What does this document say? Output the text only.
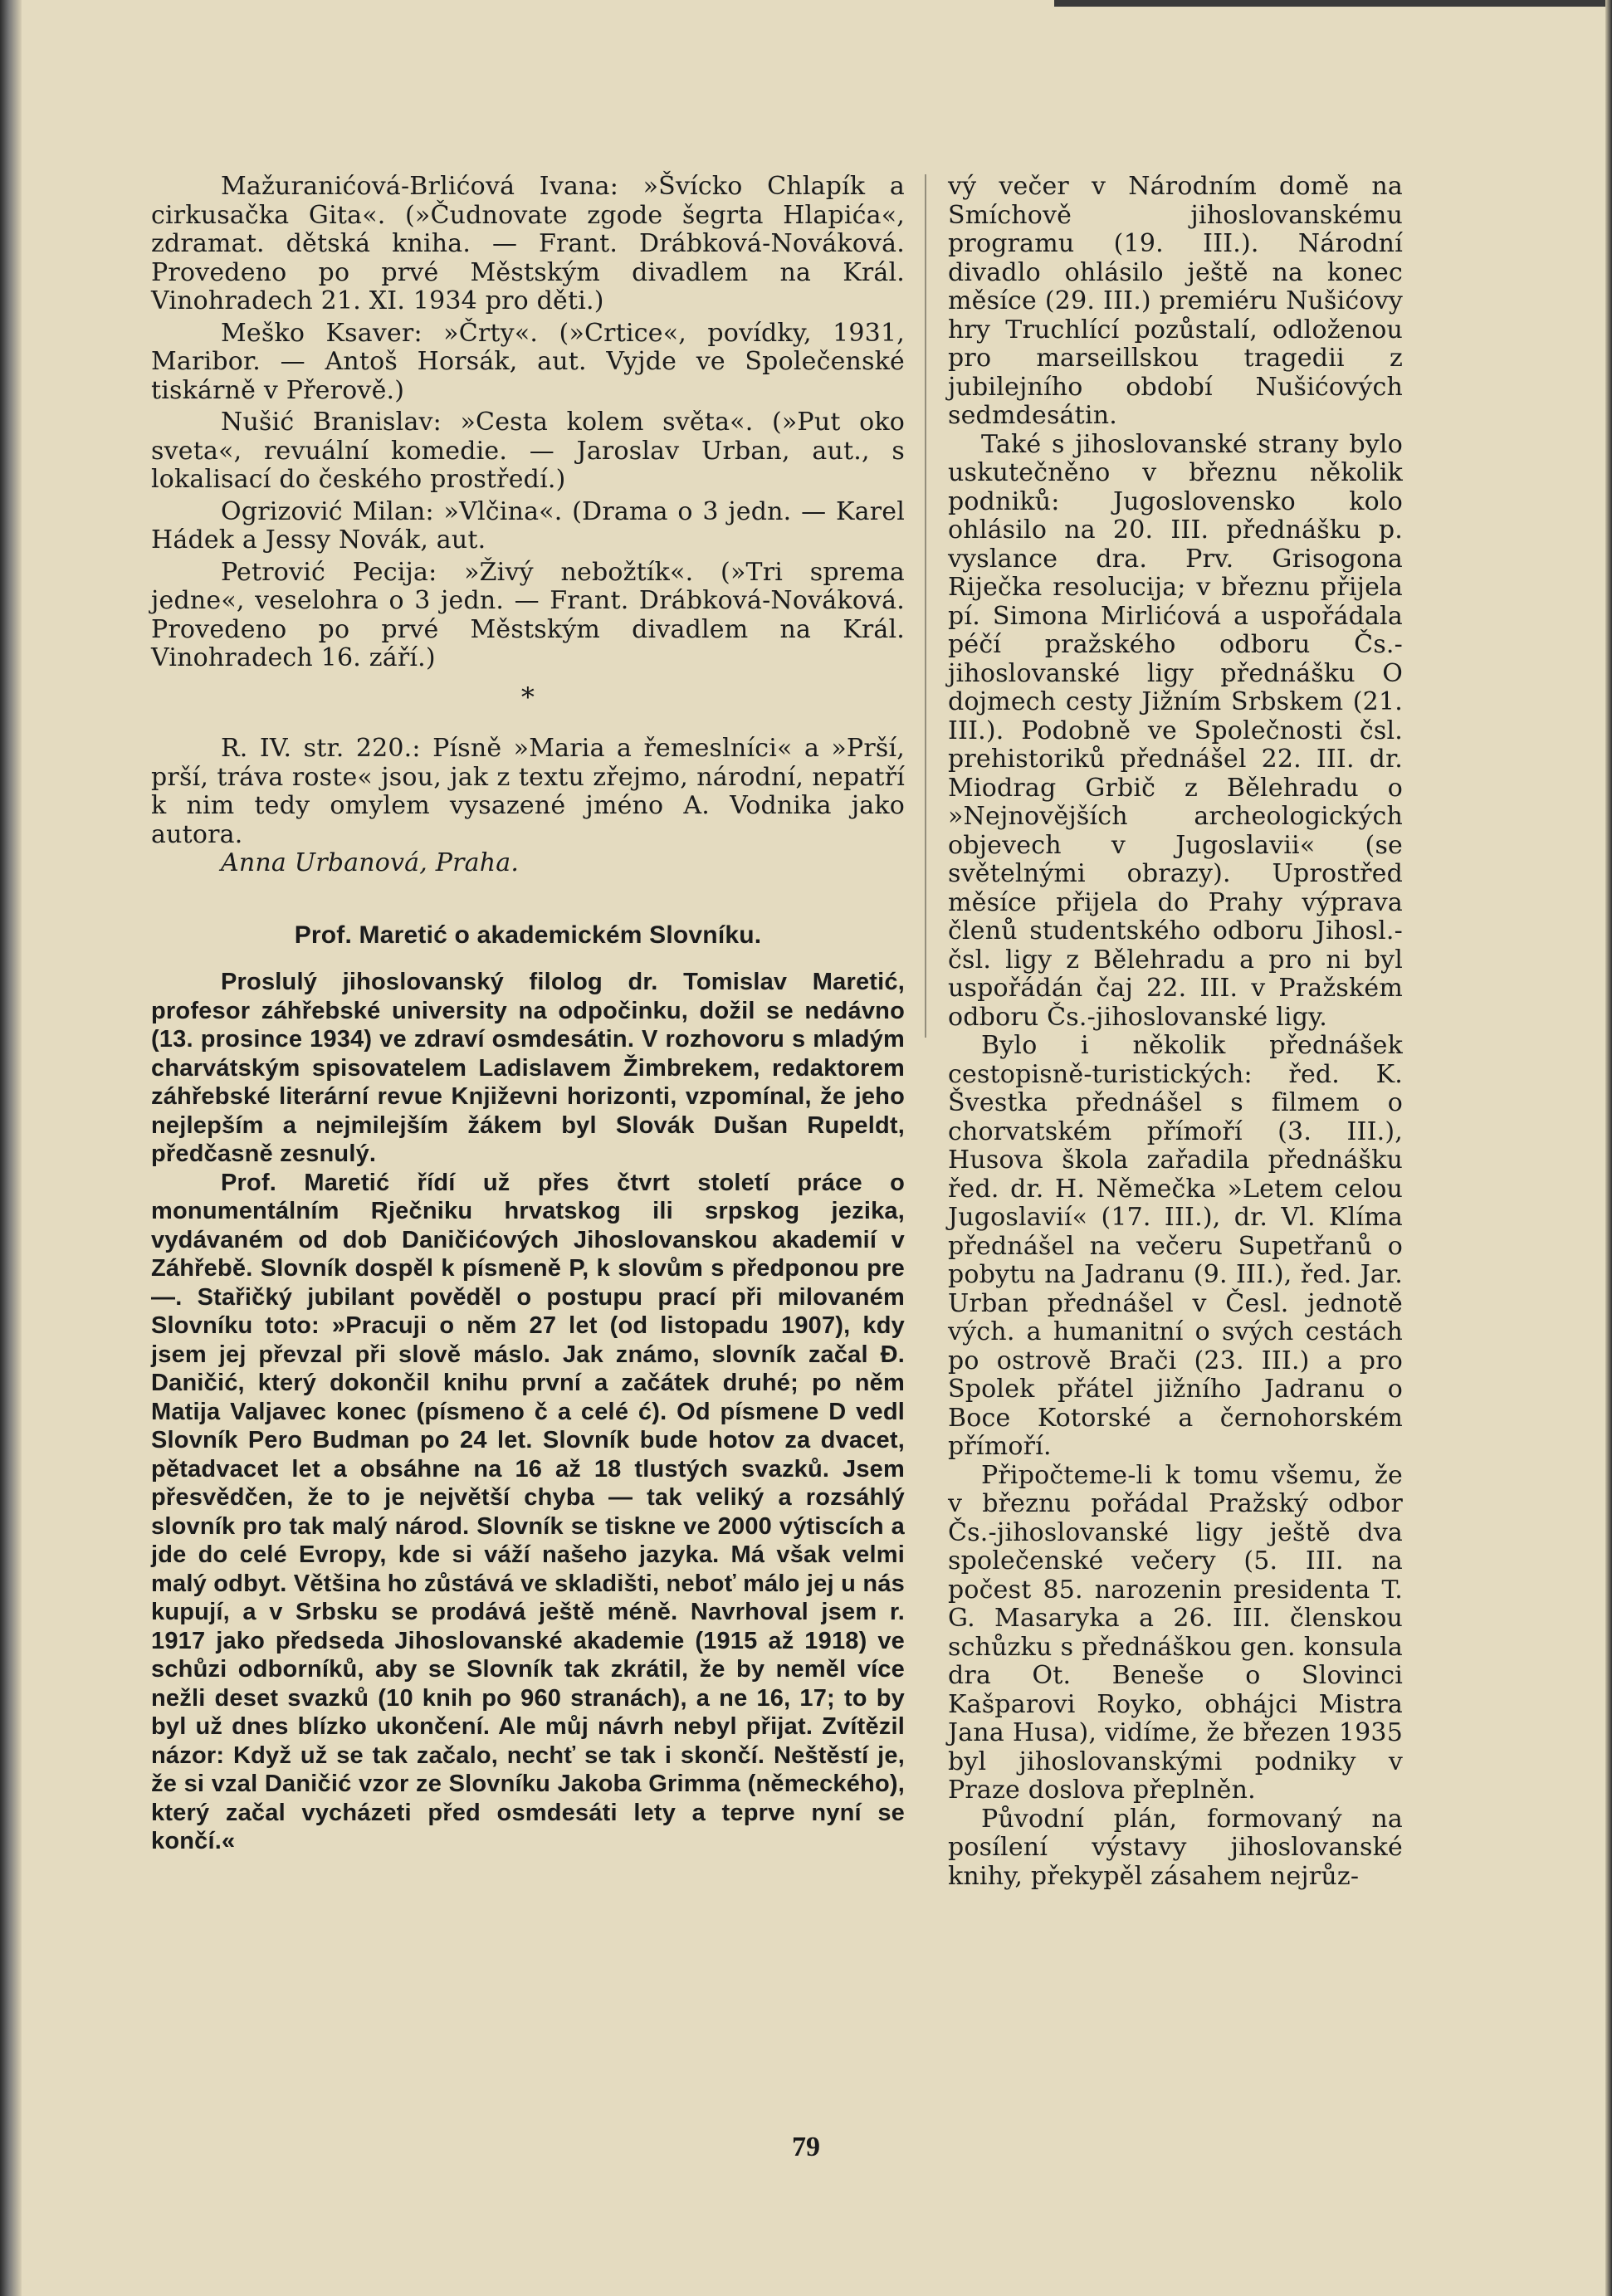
Mažuranićová-Brlićová Ivana: »Švícko Chlapík a cirkusačka Gita«. (»Čudnovate zgode šegrta Hlapića«, zdramat. dětská kniha. — Frant. Drábková-Nováková. Provedeno po prvé Městským divadlem na Král. Vinohradech 21. XI. 1934 pro děti.)

Meško Ksaver: »Črty«. (»Crtice«, povídky, 1931, Maribor. — Antoš Horsák, aut. Vyjde ve Společenské tiskárně v Přerově.)

Nušić Branislav: »Cesta kolem světa«. (»Put oko sveta«, revuální komedie. — Jaroslav Urban, aut., s lokalisací do českého prostředí.)

Ogrizović Milan: »Vlčina«. (Drama o 3 jedn. — Karel Hádek a Jessy Novák, aut.

Petrović Pecija: »Živý nebožtík«. (»Tri sprema jedne«, veselohra o 3 jedn. — Frant. Drábková-Nováková. Provedeno po prvé Městským divadlem na Král. Vinohradech 16. září.)

*

R. IV. str. 220.: Písně »Maria a řemeslníci« a »Prší, prší, tráva roste« jsou, jak z textu zřejmo, národní, nepatří k nim tedy omylem vysazené jméno A. Vodnika jako autora.

Anna Urbanová, Praha.

Prof. Maretić o akademickém Slovníku.

Proslulý jihoslovanský filolog dr. Tomislav Maretić, profesor záhřebské university na odpočinku, dožil se nedávno (13. prosince 1934) ve zdraví osmdesátin. V rozhovoru s mladým charvátským spisovatelem Ladislavem Žimbrekem, redaktorem záhřebské literární revue Književni horizonti, vzpomínal, že jeho nejlepším a nejmilejším žákem byl Slovák Dušan Rupeldt, předčasně zesnulý.

Prof. Maretić řídí už přes čtvrt století práce o monumentálním Rječniku hrvatskog ili srpskog jezika, vydávaném od dob Daničićových Jihoslovanskou akademií v Záhřebě. Slovník dospěl k písmeně P, k slovům s předponou pre—. Stařičký jubilant pověděl o postupu prací při milovaném Slovníku toto: »Pracuji o něm 27 let (od listopadu 1907), kdy jsem jej převzal při slově máslo. Jak známo, slovník začal Đ. Daničić, který dokončil knihu první a začátek druhé; po něm Matija Valjavec konec (písmeno č a celé ć). Od písmene D vedl Slovník Pero Budman po 24 let. Slovník bude hotov za dvacet, pětadvacet let a obsáhne na 16 až 18 tlustých svazků. Jsem přesvědčen, že to je největší chyba — tak veliký a rozsáhlý slovník pro tak malý národ. Slovník se tiskne ve 2000 výtiscích a jde do celé Evropy, kde si váží našeho jazyka. Má však velmi malý odbyt. Většina ho zůstává ve skladišti, neboť málo jej u nás kupují, a v Srbsku se prodává ještě méně. Navrhoval jsem r. 1917 jako předseda Jihoslovanské akademie (1915 až 1918) ve schůzi odborníků, aby se Slovník tak zkrátil, že by neměl více nežli deset svazků (10 knih po 960 stranách), a ne 16, 17; to by byl už dnes blízko ukončení. Ale můj návrh nebyl přijat. Zvítězil názor: Když už se tak začalo, nechť se tak i skončí. Neštěstí je, že si vzal Daničić vzor ze Slovníku Jakoba Grimma (německého), který začal vycházeti před osmdesáti lety a teprve nyní se končí.«

vý večer v Národním domě na Smíchově jihoslovanskému programu (19. III.). Národní divadlo ohlásilo ještě na konec měsíce (29. III.) premiéru Nušićovy hry Truchlící pozůstalí, odloženou pro marseillskou tragedii z jubilejního období Nušićových sedmdesátin.

Také s jihoslovanské strany bylo uskutečněno v březnu několik podniků: Jugoslovensko kolo ohlásilo na 20. III. přednášku p. vyslance dra. Prv. Grisogona Riječka resolucija; v březnu přijela pí. Simona Mirlićová a uspořádala péčí pražského odboru Čs.-jihoslovanské ligy přednášku O dojmech cesty Jižním Srbskem (21. III.). Podobně ve Společnosti čsl. prehistoriků přednášel 22. III. dr. Miodrag Grbič z Bělehradu o »Nejnovějších archeologických objevech v Jugoslavii« (se světelnými obrazy). Uprostřed měsíce přijela do Prahy výprava členů studentského odboru Jihosl.-čsl. ligy z Bělehradu a pro ni byl uspořádán čaj 22. III. v Pražském odboru Čs.-jihoslovanské ligy.

Bylo i několik přednášek cestopisně-turistických: řed. K. Švestka přednášel s filmem o chorvatském přímoří (3. III.), Husova škola zařadila přednášku řed. dr. H. Němečka »Letem celou Jugoslavií« (17. III.), dr. Vl. Klíma přednášel na večeru Supetřanů o pobytu na Jadranu (9. III.), řed. Jar. Urban přednášel v Česl. jednotě vých. a humanitní o svých cestách po ostrově Brači (23. III.) a pro Spolek přátel jižního Jadranu o Boce Kotorské a černohorském přímoří.

Připočteme-li k tomu všemu, že v březnu pořádal Pražský odbor Čs.-jihoslovanské ligy ještě dva společenské večery (5. III. na počest 85. narozenin presidenta T. G. Masaryka a 26. III. členskou schůzku s přednáškou gen. konsula dra Ot. Beneše o Slovinci Kašparovi Royko, obhájci Mistra Jana Husa), vidíme, že březen 1935 byl jihoslovanskými podniky v Praze doslova přeplněn.

Původní plán, formovaný na posílení výstavy jihoslovanské knihy, překypěl zásahem nejrůz-

79
